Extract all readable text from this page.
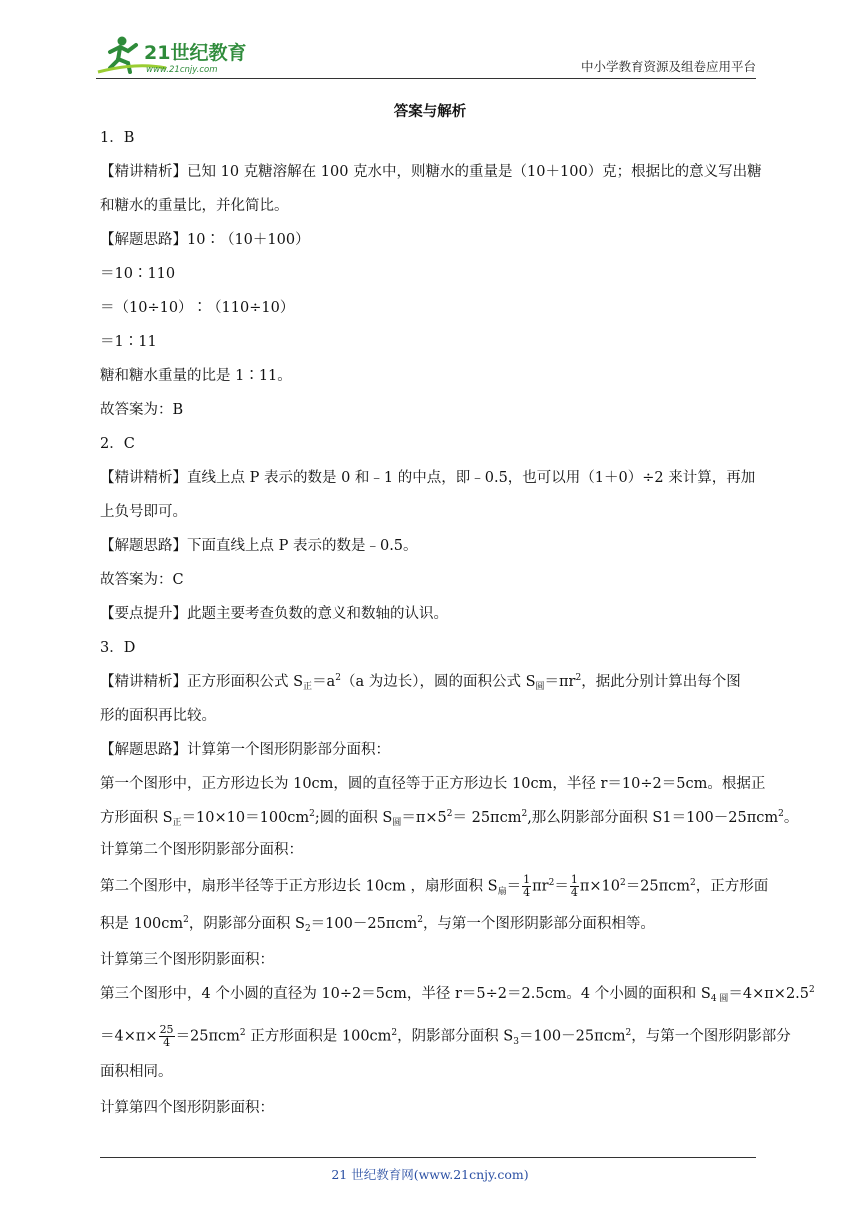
21世纪教育
www.21cnjy.com	中小学教育资源及组卷应用平台
答案与解析
1．B
【精讲精析】已知 10 克糖溶解在 100 克水中，则糖水的重量是（10＋100）克；根据比的意义写出糖
和糖水的重量比，并化简比。
【解题思路】10∶（10＋100）
＝10∶110
＝（10÷10）∶（110÷10）
＝1∶11
糖和糖水重量的比是 1∶11。
故答案为：B
2．C
【精讲精析】直线上点 P 表示的数是 0 和﹣1 的中点，即﹣0.5，也可以用（1＋0）÷2 来计算，再加
上负号即可。
【解题思路】下面直线上点 P 表示的数是﹣0.5。
故答案为：C
【要点提升】此题主要考查负数的意义和数轴的认识。
3．D
【精讲精析】正方形面积公式 $S_正=a^2(a$ 为边长），圆的面积公式 $S_圆=\pi r^2$，据此分别计算出每个图
形的面积再比较。
【解题思路】计算第一个图形阴影部分面积：
第一个图形中，正方形边长为 10cm，圆的直径等于正方形边长 10cm，半径 r＝10÷2＝5cm。根据正
方形面积 $S_正=10\times 10=100cm^2$;圆的面积 $S_圆=\pi\times 5^2= 25\pi cm^2$,那么阴影部分面积 S1＝100－25πcm$^2$。
计算第二个图形阴影部分面积：
第二个图形中，扇形半径等于正方形边长 10cm ，扇形面积 $S_扇= \frac{1}{4} \pi r^2= \frac{1}{4} \pi\times 10^2=25\pi cm^2$，正方形面
积是 $100cm^2$，阴影部分面积 $S_2=100-25\pi cm^2$，与第一个图形阴影部分面积相等。
计算第三个图形阴影面积：
第三个图形中，4 个小圆的直径为 10÷2＝5cm，半径 r＝5÷2＝2.5cm。4 个小圆的面积和 $S_{4 圆}=4\times\pi\times 2.5^2$
$=4\times\pi\times \frac{25}{4} =25\pi cm^2$ 正方形面积是 $100cm^2$，阴影部分面积 $S_3=100-25\pi cm^2$，与第一个图形阴影部分
面积相同。
计算第四个图形阴影面积：
21 世纪教育网(www.21cnjy.com)
